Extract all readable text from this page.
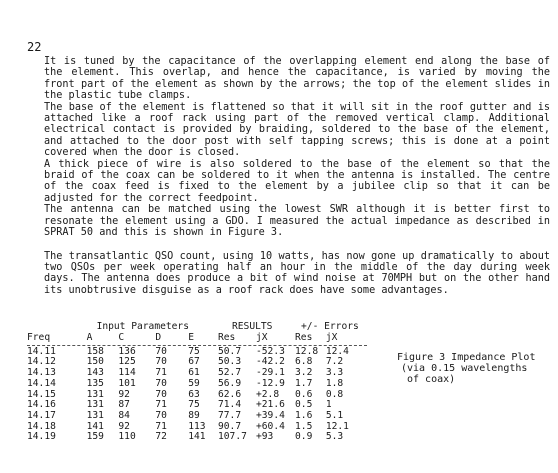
22

It is tuned by the capacitance of the overlapping element end along the base of the element. This overlap, and hence the capacitance, is varied by moving the front part of the element as shown by the arrows; the top of the element slides in the plastic tube clamps.

The base of the element is flattened so that it will sit in the roof gutter and is attached like a roof rack using part of the removed vertical clamp. Additional electrical contact is provided by braiding, soldered to the base of the element, and attached to the door post with self tapping screws; this is done at a point covered when the door is closed.

A thick piece of wire is also soldered to the base of the element so that the braid of the coax can be soldered to it when the antenna is installed. The centre of the coax feed is fixed to the element by a jubilee clip so that it can be adjusted for the correct feedpoint.

The antenna can be matched using the lowest SWR although it is better first to resonate the element using a GDO. I measured the actual impedance as described in SPRAT 50 and this is shown in Figure 3.

The transatlantic QSO count, using 10 watts, has now gone up dramatically to about two QSOs per week operating half an hour in the middle of the day during week days. The antenna does produce a bit of wind noise at 70MPH but on the other hand its unobtrusive disguise as a roof rack does have some advantages.

	Input Parameters				RESULTS		+/- Errors	
Freq	A	C	D	E	Res	jX	Res	jX

14.11	158	136	70	75	50.7	-52.3	12.8	12.4
14.12	150	125	70	67	50.3	-42.2	6.8	7.2
14.13	143	114	71	61	52.7	-29.1	3.2	3.3
14.14	135	101	70	59	56.9	-12.9	1.7	1.8
14.15	131	92	70	63	62.6	+2.8	0.6	0.8
14.16	131	87	71	75	71.4	+21.6	0.5	1
14.17	131	84	70	89	77.7	+39.4	1.6	5.1
14.18	141	92	71	113	90.7	+60.4	1.5	12.1
14.19	159	110	72	141	107.7	+93	0.9	5.3
Figure 3 Impedance Plot
(via 0.15 wavelengths
of coax)
